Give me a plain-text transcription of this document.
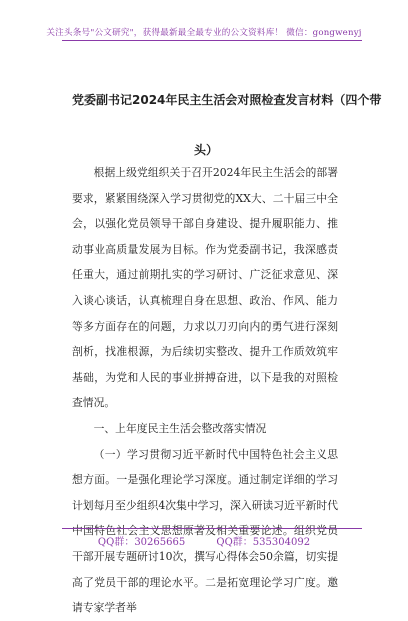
关注头条号"公文研究"，获得最新最全最专业的公文资料库！ 微信：gongwenyj
党委副书记2024年民主生活会对照检查发言材料（四个带
头）

根据上级党组织关于召开2024年民主生活会的部署要求，紧紧围绕深入学习贯彻党的XX大、二十届三中全会，以强化党员领导干部自身建设、提升履职能力、推动事业高质量发展为目标。作为党委副书记，我深感责任重大，通过前期扎实的学习研讨、广泛征求意见、深入谈心谈话，认真梳理自身在思想、政治、作风、能力等多方面存在的问题，力求以刀刃向内的勇气进行深刻剖析，找准根源，为后续切实整改、提升工作质效筑牢基础，为党和人民的事业拼搏奋进，以下是我的对照检查情况。

一、上年度民主生活会整改落实情况

（一）学习贯彻习近平新时代中国特色社会主义思想方面。一是强化理论学习深度。通过制定详细的学习计划每月至少组织4次集中学习，深入研读习近平新时代中国特色社会主义思想原著及相关重要论述。组织党员干部开展专题研讨10次，撰写心得体会50余篇，切实提高了党员干部的理论水平。二是拓宽理论学习广度。邀请专家学者举

QQ群：30265665	QQ群：535304092
